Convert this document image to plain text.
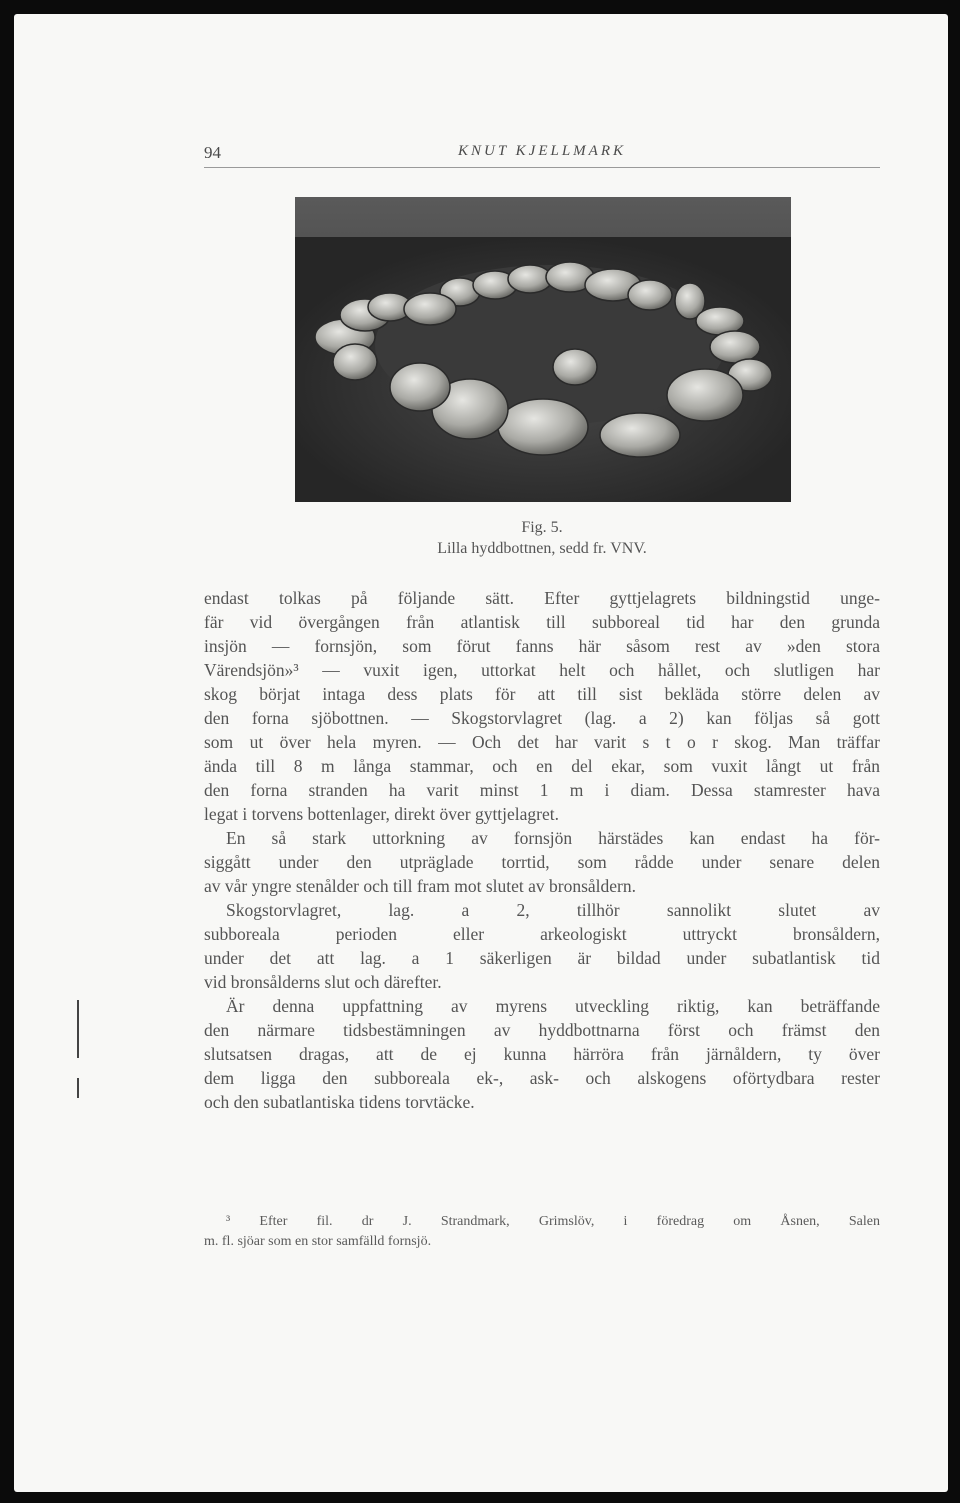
94	KNUT KJELLMARK
Fig. 5.
Lilla hyddbottnen, sedd fr. VNV.

endast tolkas på följande sätt. Efter gyttjelagrets bildningstid unge-

fär vid övergången från atlantisk till subboreal tid har den grunda

insjön — fornsjön, som förut fanns här såsom rest av »den stora

Värendsjön»³ — vuxit igen, uttorkat helt och hållet, och slutligen har

skog börjat intaga dess plats för att till sist bekläda större delen av

den forna sjöbottnen. — Skogstorvlagret (lag. a 2) kan följas så gott

som ut över hela myren. — Och det har varit s t o r skog. Man träffar

ända till 8 m långa stammar, och en del ekar, som vuxit långt ut från

den forna stranden ha varit minst 1 m i diam. Dessa stamrester hava

legat i torvens bottenlager, direkt över gyttjelagret.

En så stark uttorkning av fornsjön härstädes kan endast ha för-

siggått under den utpräglade torrtid, som rådde under senare delen

av vår yngre stenålder och till fram mot slutet av bronsåldern.

Skogstorvlagret, lag. a 2, tillhör sannolikt slutet av

subboreala perioden eller arkeologiskt uttryckt bronsåldern,

under det att lag. a 1 säkerligen är bildad under subatlantisk tid

vid bronsålderns slut och därefter.

Är denna uppfattning av myrens utveckling riktig, kan beträffande

den närmare tidsbestämningen av hyddbottnarna först och främst den

slutsatsen dragas, att de ej kunna härröra från järnåldern, ty över

dem ligga den subboreala ek-, ask- och alskogens oförtydbara rester

och den subatlantiska tidens torvtäcke.

³ Efter fil. dr J. Strandmark, Grimslöv, i föredrag om Åsnen, Salen

m. fl. sjöar som en stor samfälld fornsjö.
